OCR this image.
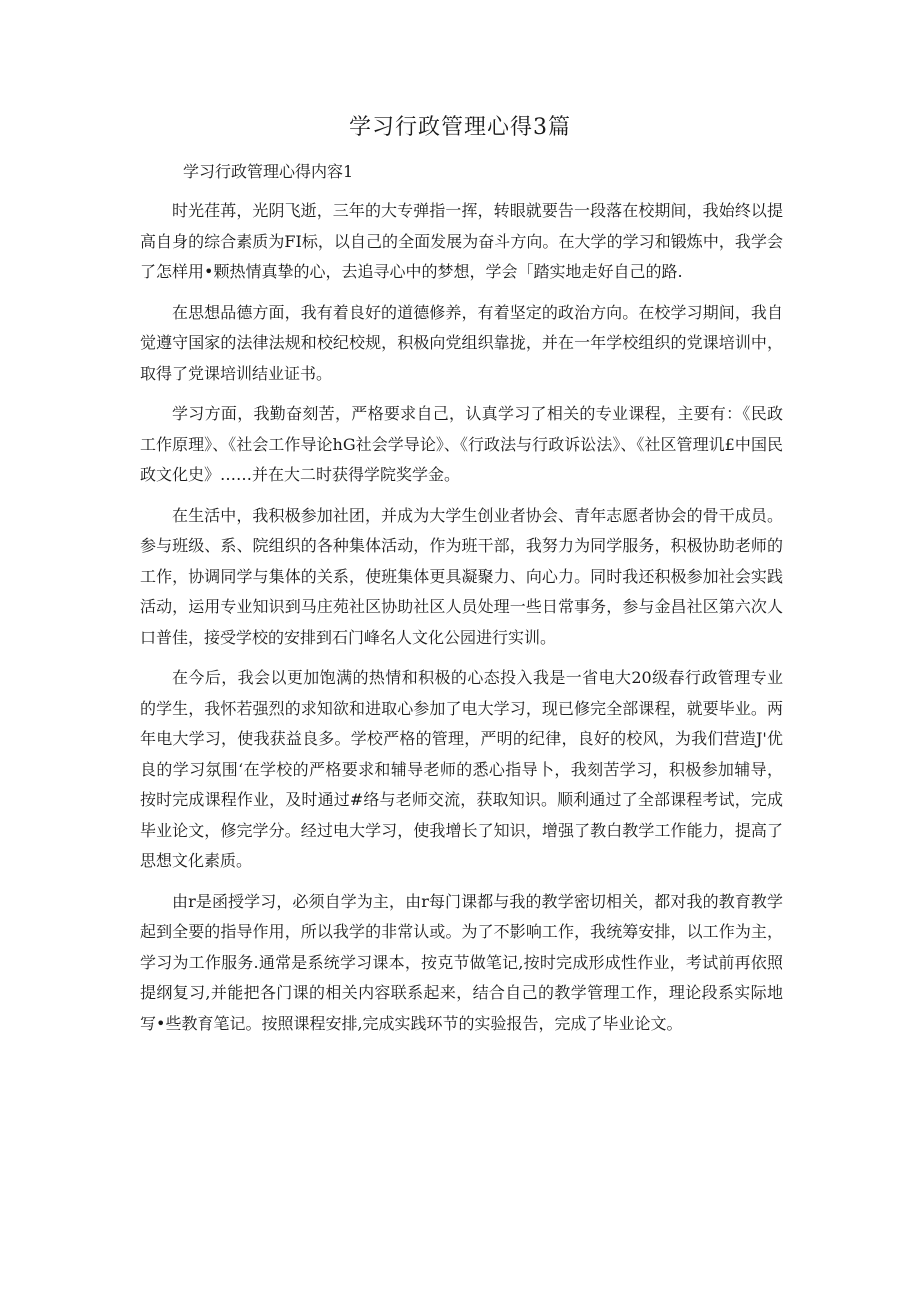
学习行政管理心得3篇

学习行政管理心得内容1

时光荏苒，光阴飞逝，三年的大专弹指一挥，转眼就要告一段落在校期间，我始终以提高自身的综合素质为FI标，以自己的全面发展为奋斗方向。在大学的学习和锻炼中，我学会了怎样用•颗热情真挚的心，去追寻心中的梦想，学会「踏实地走好自己的路.

在思想品德方面，我有着良好的道德修养，有着坚定的政治方向。在校学习期间，我自觉遵守国家的法律法规和校纪校规，积极向党组织靠拢，并在一年学校组织的党课培训中，取得了党课培训结业证书。

学习方面，我勤奋刻苦，严格要求自己，认真学习了相关的专业课程，主要有：《民政工作原理》、《社会工作导论hG社会学导论》、《行政法与行政诉讼法》、《社区管理讥£中国民政文化史》……并在大二时获得学院奖学金。

在生活中，我积极参加社团，并成为大学生创业者协会、青年志愿者协会的骨干成员。参与班级、系、院组织的各种集体活动，作为班干部，我努力为同学服务，积极协助老师的工作，协调同学与集体的关系，使班集体更具凝聚力、向心力。同时我还积极参加社会实践活动，运用专业知识到马庄苑社区协助社区人员处理一些日常事务，参与金昌社区第六次人口普佳，接受学校的安排到石门峰名人文化公园进行实训。

在今后，我会以更加饱满的热情和积极的心态投入我是一省电大20级春行政管理专业的学生，我怀若强烈的求知欲和进取心参加了电大学习，现已修完全部课程，就要毕业。两年电大学习，使我获益良多。学校严格的管理，严明的纪律，良好的校风，为我们营造J'优良的学习氛围‘在学校的严格要求和辅导老师的悉心指导卜，我刻苦学习，积极参加辅导，按时完成课程作业，及时通过#络与老师交流，获取知识。顺利通过了全部课程考试，完成毕业论文，修完学分。经过电大学习，使我增长了知识，增强了教白教学工作能力，提高了思想文化素质。

由r是函授学习，必须自学为主，由r每门课都与我的教学密切相关，都对我的教育教学起到全要的指导作用，所以我学的非常认或。为了不影响工作，我统筹安排，以工作为主，学习为工作服务.通常是系统学习课本，按克节做笔记,按时完成形成性作业，考试前再依照提纲复习,并能把各门课的相关内容联系起来，结合自己的教学管理工作，理论段系实际地写•些教育笔记。按照课程安排,完成实践环节的实验报告，完成了毕业论文。
